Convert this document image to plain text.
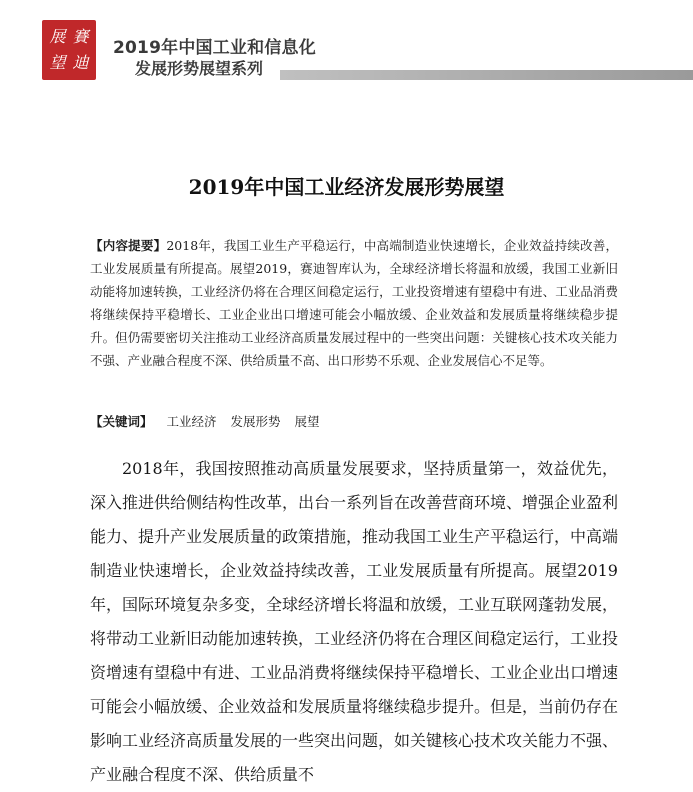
展 賽
望 迪
2019年中国工业和信息化
发展形势展望系列
2019年中国工业经济发展形势展望

【内容提要】2018年，我国工业生产平稳运行，中高端制造业快速增长，企业效益持续改善，工业发展质量有所提高。展望2019，赛迪智库认为，全球经济增长将温和放缓，我国工业新旧动能将加速转换，工业经济仍将在合理区间稳定运行，工业投资增速有望稳中有进、工业品消费将继续保持平稳增长、工业企业出口增速可能会小幅放缓、企业效益和发展质量将继续稳步提升。但仍需要密切关注推动工业经济高质量发展过程中的一些突出问题：关键核心技术攻关能力不强、产业融合程度不深、供给质量不高、出口形势不乐观、企业发展信心不足等。

【关键词】 工业经济 发展形势 展望

2018年，我国按照推动高质量发展要求，坚持质量第一，效益优先，深入推进供给侧结构性改革，出台一系列旨在改善营商环境、增强企业盈利能力、提升产业发展质量的政策措施，推动我国工业生产平稳运行，中高端制造业快速增长，企业效益持续改善，工业发展质量有所提高。展望2019年，国际环境复杂多变，全球经济增长将温和放缓，工业互联网蓬勃发展，将带动工业新旧动能加速转换，工业经济仍将在合理区间稳定运行，工业投资增速有望稳中有进、工业品消费将继续保持平稳增长、工业企业出口增速可能会小幅放缓、企业效益和发展质量将继续稳步提升。但是，当前仍存在影响工业经济高质量发展的一些突出问题，如关键核心技术攻关能力不强、产业融合程度不深、供给质量不
